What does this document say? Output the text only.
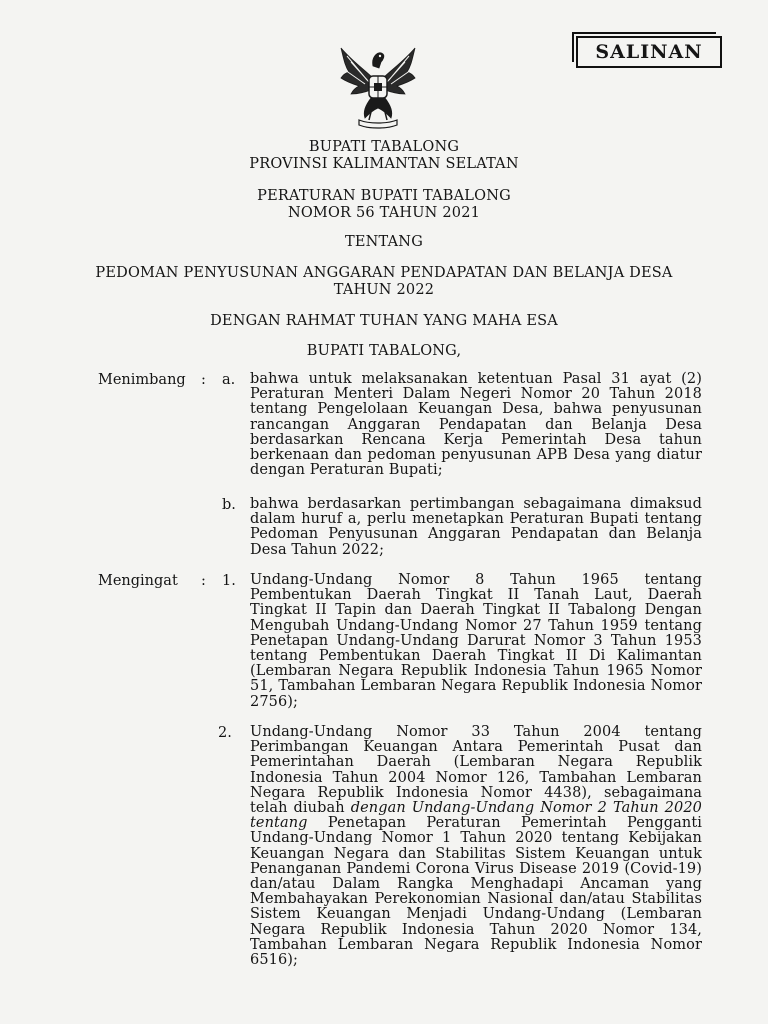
SALINAN
BUPATI TABALONG
PROVINSI KALIMANTAN SELATAN
PERATURAN BUPATI TABALONG
NOMOR 56 TAHUN 2021
TENTANG
PEDOMAN PENYUSUNAN ANGGARAN PENDAPATAN DAN BELANJA DESA
TAHUN 2022
DENGAN RAHMAT TUHAN YANG MAHA ESA
BUPATI TABALONG,
Menimbang : a. bahwa untuk melaksanakan ketentuan Pasal 31 ayat (2) Peraturan Menteri Dalam Negeri Nomor 20 Tahun 2018 tentang Pengelolaan Keuangan Desa, bahwa penyusunan rancangan Anggaran Pendapatan dan Belanja Desa berdasarkan Rencana Kerja Pemerintah Desa tahun berkenaan dan pedoman penyusunan APB Desa yang diatur dengan Peraturan Bupati;
b. bahwa berdasarkan pertimbangan sebagaimana dimaksud dalam huruf a, perlu menetapkan Peraturan Bupati tentang Pedoman Penyusunan Anggaran Pendapatan dan Belanja Desa Tahun 2022;
Mengingat : 1. Undang-Undang Nomor 8 Tahun 1965 tentang Pembentukan Daerah Tingkat II Tanah Laut, Daerah Tingkat II Tapin dan Daerah Tingkat II Tabalong Dengan Mengubah Undang-Undang Nomor 27 Tahun 1959 tentang Penetapan Undang-Undang Darurat Nomor 3 Tahun 1953 tentang Pembentukan Daerah Tingkat II Di Kalimantan (Lembaran Negara Republik Indonesia Tahun 1965 Nomor 51, Tambahan Lembaran Negara Republik Indonesia Nomor 2756);
2. Undang-Undang Nomor 33 Tahun 2004 tentang Perimbangan Keuangan Antara Pemerintah Pusat dan Pemerintahan Daerah (Lembaran Negara Republik Indonesia Tahun 2004 Nomor 126, Tambahan Lembaran Negara Republik Indonesia Nomor 4438), sebagaimana telah diubah dengan Undang-Undang Nomor 2 Tahun 2020 tentang Penetapan Peraturan Pemerintah Pengganti Undang-Undang Nomor 1 Tahun 2020 tentang Kebijakan Keuangan Negara dan Stabilitas Sistem Keuangan untuk Penanganan Pandemi Corona Virus Disease 2019 (Covid-19) dan/atau Dalam Rangka Menghadapi Ancaman yang Membahayakan Perekonomian Nasional dan/atau Stabilitas Sistem Keuangan Menjadi Undang-Undang (Lembaran Negara Republik Indonesia Tahun 2020 Nomor 134, Tambahan Lembaran Negara Republik Indonesia Nomor 6516);
